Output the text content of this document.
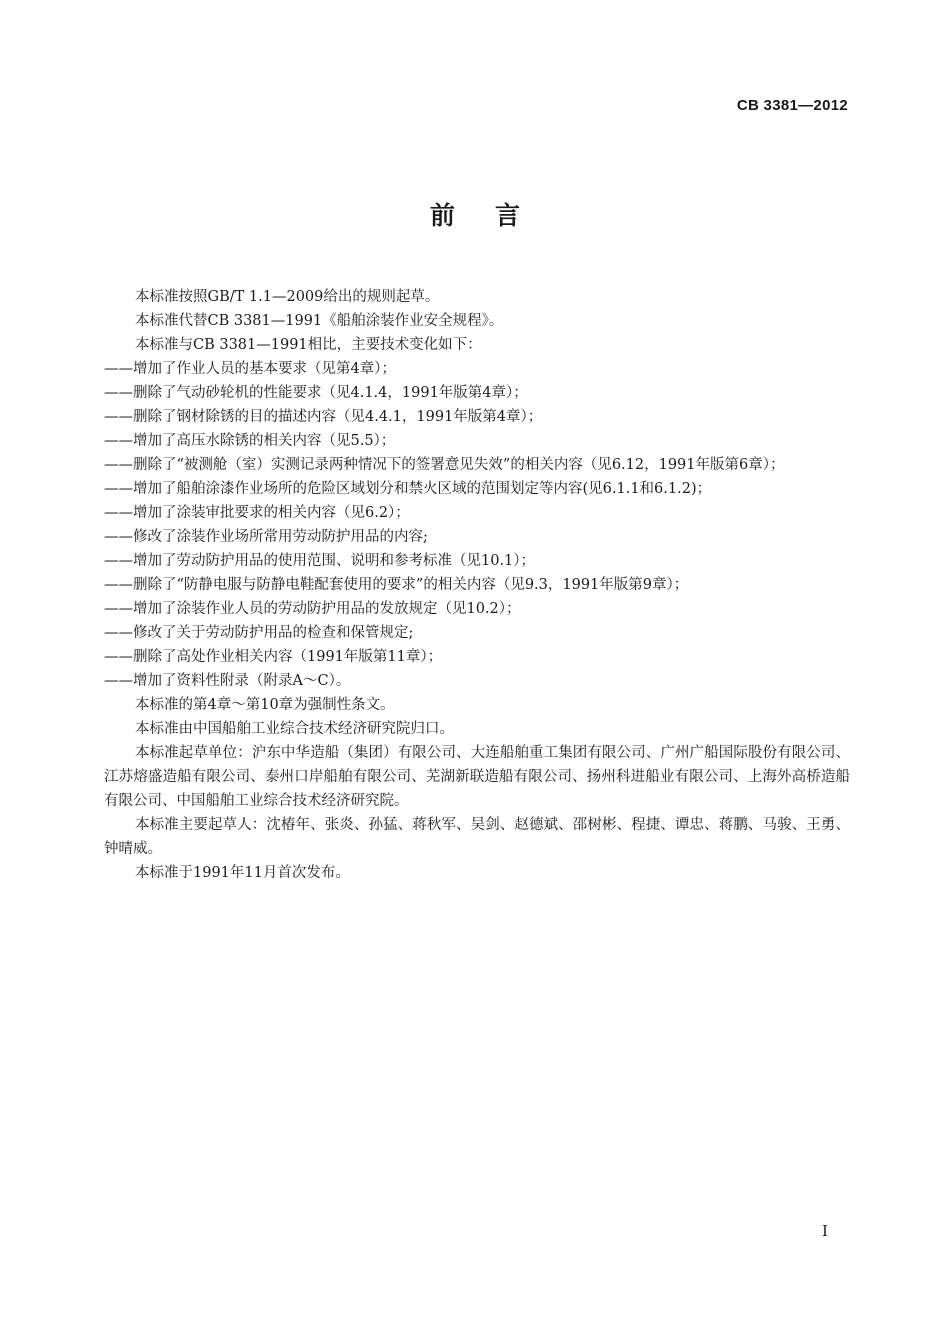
CB 3381—2012
前言

本标准按照GB/T 1.1—2009给出的规则起草。

本标准代替CB 3381—1991《船舶涂装作业安全规程》。

本标准与CB 3381—1991相比，主要技术变化如下：

——增加了作业人员的基本要求（见第4章）；

——删除了气动砂轮机的性能要求（见4.1.4，1991年版第4章）；

——删除了钢材除锈的目的描述内容（见4.4.1，1991年版第4章）；

——增加了高压水除锈的相关内容（见5.5）；

——删除了“被测舱（室）实测记录两种情况下的签署意见失效”的相关内容（见6.12，1991年版第6章）；

——增加了船舶涂漆作业场所的危险区域划分和禁火区域的范围划定等内容(见6.1.1和6.1.2)；

——增加了涂装审批要求的相关内容（见6.2）；

——修改了涂装作业场所常用劳动防护用品的内容;

——增加了劳动防护用品的使用范围、说明和参考标准（见10.1）；

——删除了“防静电服与防静电鞋配套使用的要求”的相关内容（见9.3，1991年版第9章）；

——增加了涂装作业人员的劳动防护用品的发放规定（见10.2）；

——修改了关于劳动防护用品的检查和保管规定;

——删除了高处作业相关内容（1991年版第11章）；

——增加了资料性附录（附录A～C）。

本标准的第4章～第10章为强制性条文。

本标准由中国船舶工业综合技术经济研究院归口。

本标准起草单位：沪东中华造船（集团）有限公司、大连船舶重工集团有限公司、广州广船国际股份有限公司、江苏熔盛造船有限公司、泰州口岸船舶有限公司、芜湖新联造船有限公司、扬州科进船业有限公司、上海外高桥造船有限公司、中国船舶工业综合技术经济研究院。

本标准主要起草人：沈椿年、张炎、孙猛、蒋秋军、吴剑、赵德斌、邵树彬、程捷、谭忠、蒋鹏、马骏、王勇、钟晴威。

本标准于1991年11月首次发布。

I
